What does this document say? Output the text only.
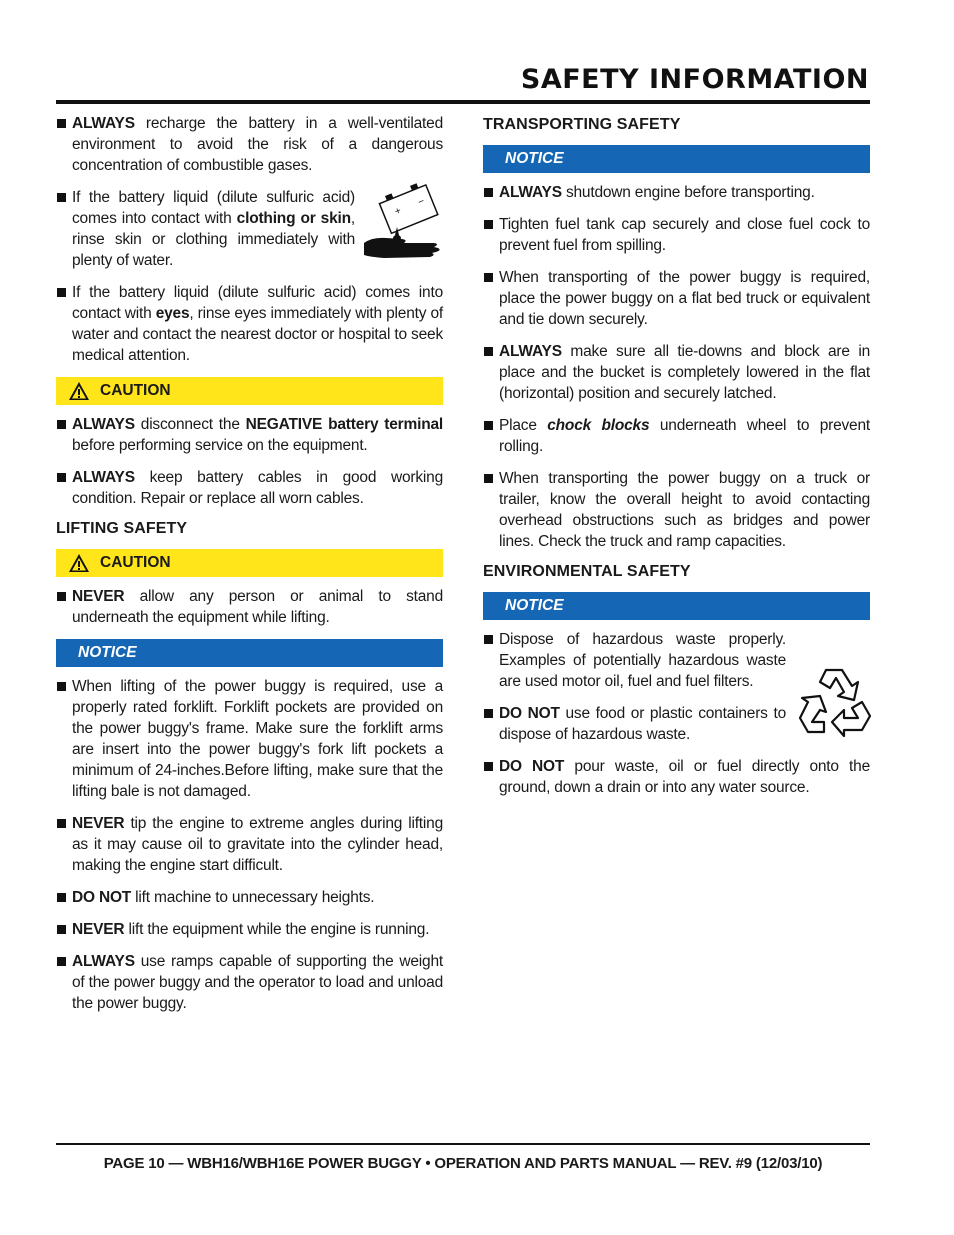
SAFETY INFORMATION
ALWAYS recharge the battery in a well-ventilated environment to avoid the risk of a dangerous concentration of combustible gases.
If the battery liquid (dilute sulfuric acid) comes into contact with clothing or skin, rinse skin or clothing immediately with plenty of water.
+
−
If the battery liquid (dilute sulfuric acid) comes into contact with eyes, rinse eyes immediately with plenty of water and contact the nearest doctor or hospital to seek medical attention.
CAUTION
ALWAYS disconnect the NEGATIVE battery terminal before performing service on the equipment.
ALWAYS keep battery cables in good working condition. Repair or replace all worn cables.
LIFTING SAFETY
CAUTION
NEVER allow any person or animal to stand underneath the equipment while lifting.
NOTICE
When lifting of the power buggy is required, use a properly rated forklift. Forklift pockets are provided on the power buggy's frame. Make sure the forklift arms are insert into the power buggy's fork lift pockets a minimum of 24-inches.Before lifting, make sure that the lifting bale is not damaged.
NEVER tip the engine to extreme angles during lifting as it may cause oil to gravitate into the cylinder head, making the engine start difficult.
DO NOT lift machine to unnecessary heights.
NEVER lift the equipment while the engine is running.
ALWAYS use ramps capable of supporting the weight of the power buggy and the operator to load and unload the power buggy.
TRANSPORTING SAFETY
NOTICE
ALWAYS shutdown engine before transporting.
Tighten fuel tank cap securely and close fuel cock to prevent fuel from spilling.
When transporting of the power buggy is required, place the power buggy on a flat bed truck or equivalent and tie down securely.
ALWAYS make sure all tie-downs and block are in place and the bucket is completely lowered in the flat (horizontal) position and securely latched.
Place chock blocks underneath wheel to prevent rolling.
When transporting the power buggy on a truck or trailer, know the overall height to avoid contacting overhead obstructions such as bridges and power lines. Check the truck and ramp capacities.
ENVIRONMENTAL SAFETY
NOTICE
Dispose of hazardous waste properly. Examples of potentially hazardous waste are used motor oil, fuel and fuel filters.
DO NOT use food or plastic containers to dispose of hazardous waste.
DO NOT pour waste, oil or fuel directly onto the ground, down a drain or into any water source.
PAGE 10 — WBH16/WBH16E POWER BUGGY • OPERATION AND PARTS MANUAL — REV. #9 (12/03/10)
